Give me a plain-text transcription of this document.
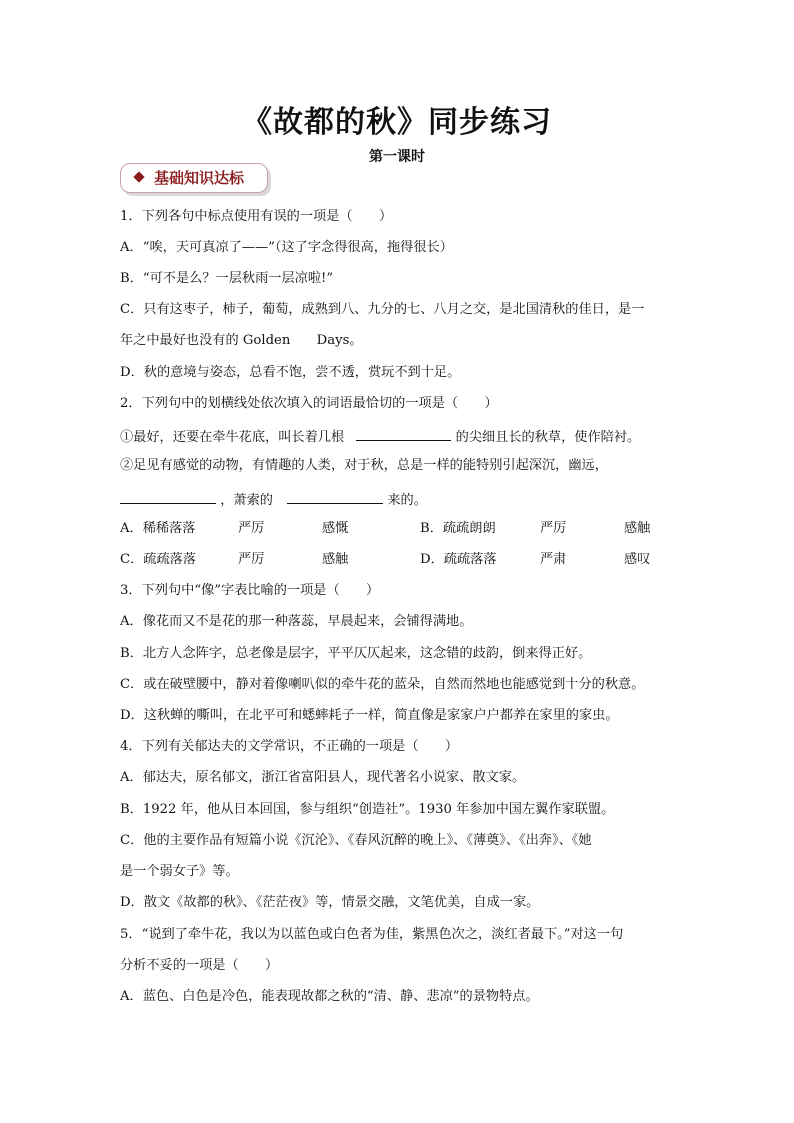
《故都的秋》同步练习
第一课时
基础知识达标
1．下列各句中标点使用有误的一项是（　　）
A．“唉，天可真凉了——”（这了字念得很高，拖得很长）
B．“可不是么？一层秋雨一层凉啦!”
C．只有这枣子，柿子，葡萄，成熟到八、九分的七、八月之交，是北国清秋的佳日，是一
年之中最好也没有的 Golden　　Days。
D．秋的意境与姿态，总看不饱，尝不透，赏玩不到十足。
2．下列句中的划横线处依次填入的词语最恰切的一项是（　　）
①最好，还要在牵牛花底，叫长着几根	的尖细且长的秋草，使作陪衬。
②足见有感觉的动物，有情趣的人类，对于秋，总是一样的能特别引起深沉，幽远，
，萧索的	来的。
A．稀稀落落	严厉	感慨	B．疏疏朗朗	严厉	感触
C．疏疏落落	严厉	感触	D．疏疏落落	严肃	感叹
3．下列句中“像”字表比喻的一项是（　　）
A．像花而又不是花的那一种落蕊，早晨起来，会铺得满地。
B．北方人念阵字，总老像是层字，平平仄仄起来，这念错的歧韵，倒来得正好。
C．或在破壁腰中，静对着像喇叭似的牵牛花的蓝朵，自然而然地也能感觉到十分的秋意。
D．这秋蝉的嘶叫，在北平可和蟋蟀耗子一样，简直像是家家户户都养在家里的家虫。
4．下列有关郁达夫的文学常识，不正确的一项是（　　）
A．郁达夫，原名郁文，浙江省富阳县人，现代著名小说家、散文家。
B．1922 年，他从日本回国，参与组织“创造社”。1930 年参加中国左翼作家联盟。
C．他的主要作品有短篇小说《沉沦》、《春风沉醉的晚上》、《薄奠》、《出奔》、《她
是一个弱女子》等。
D．散文《故都的秋》、《茫茫夜》等，情景交融，文笔优美，自成一家。
5．“说到了牵牛花，我以为以蓝色或白色者为佳，紫黑色次之，淡红者最下。”对这一句
分析不妥的一项是（　　）
A．蓝色、白色是冷色，能表现故都之秋的“清、静、悲凉”的景物特点。
